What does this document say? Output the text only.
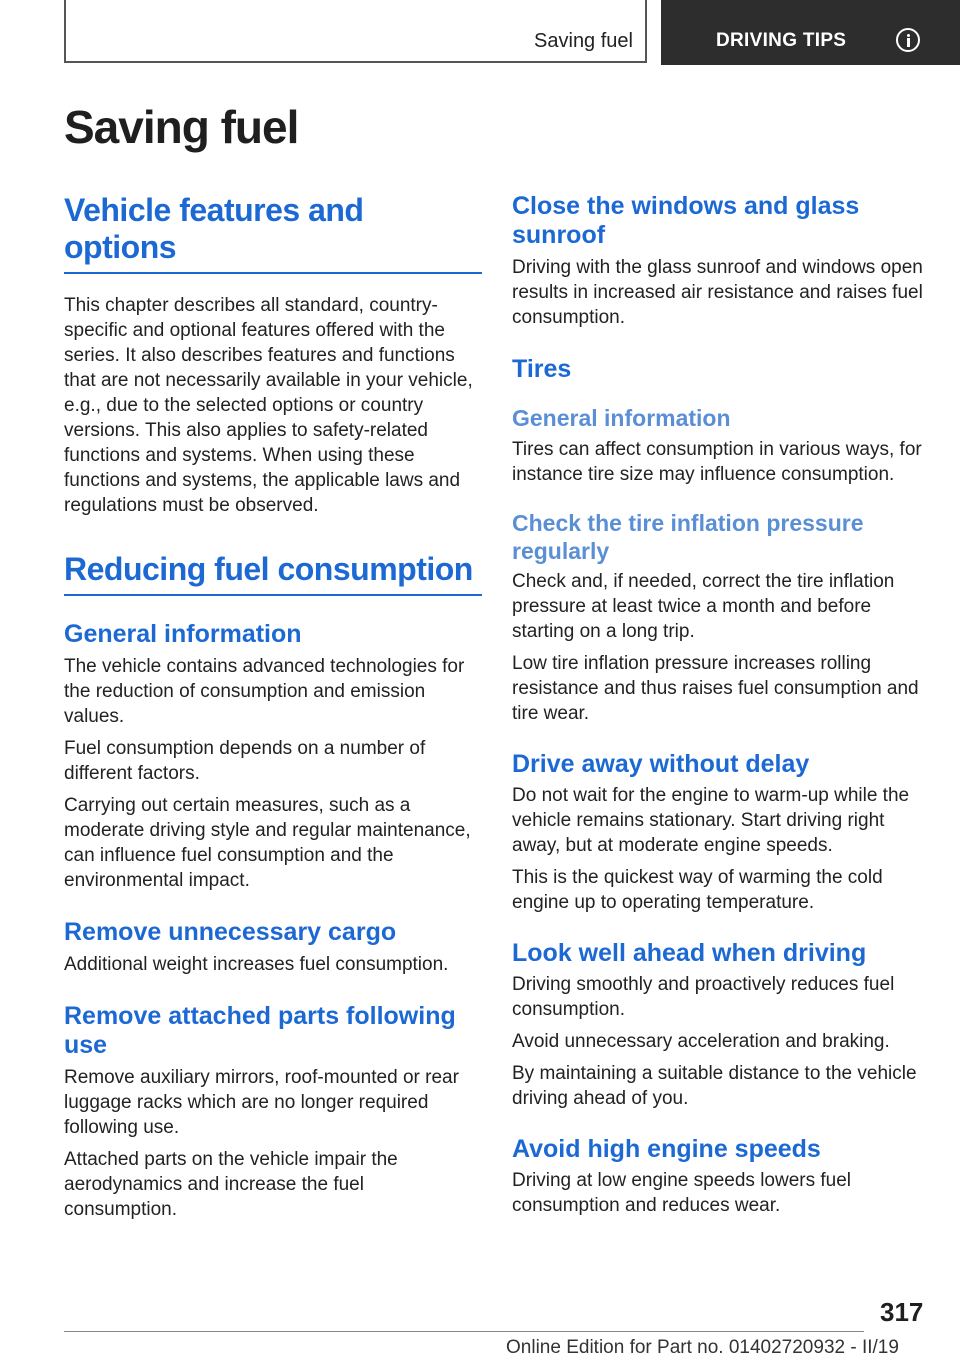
Saving fuel	DRIVING TIPS
Saving fuel
Vehicle features and options

This chapter describes all standard, country-specific and optional features offered with the series. It also describes features and functions that are not necessarily available in your vehicle, e.g., due to the selected options or country versions. This also applies to safety-related functions and systems. When using these functions and systems, the applicable laws and regulations must be observed.

Reducing fuel consumption
General information

The vehicle contains advanced technologies for the reduction of consumption and emission values.

Fuel consumption depends on a number of different factors.

Carrying out certain measures, such as a moderate driving style and regular maintenance, can influence fuel consumption and the environmental impact.

Remove unnecessary cargo

Additional weight increases fuel consumption.

Remove attached parts following use

Remove auxiliary mirrors, roof-mounted or rear luggage racks which are no longer required following use.

Attached parts on the vehicle impair the aerodynamics and increase the fuel consumption.

Close the windows and glass sunroof

Driving with the glass sunroof and windows open results in increased air resistance and raises fuel consumption.

Tires
General information

Tires can affect consumption in various ways, for instance tire size may influence consumption.

Check the tire inflation pressure regularly

Check and, if needed, correct the tire inflation pressure at least twice a month and before starting on a long trip.

Low tire inflation pressure increases rolling resistance and thus raises fuel consumption and tire wear.

Drive away without delay

Do not wait for the engine to warm-up while the vehicle remains stationary. Start driving right away, but at moderate engine speeds.

This is the quickest way of warming the cold engine up to operating temperature.

Look well ahead when driving

Driving smoothly and proactively reduces fuel consumption.

Avoid unnecessary acceleration and braking.

By maintaining a suitable distance to the vehicle driving ahead of you.

Avoid high engine speeds

Driving at low engine speeds lowers fuel consumption and reduces wear.

317
Online Edition for Part no. 01402720932 - II/19
